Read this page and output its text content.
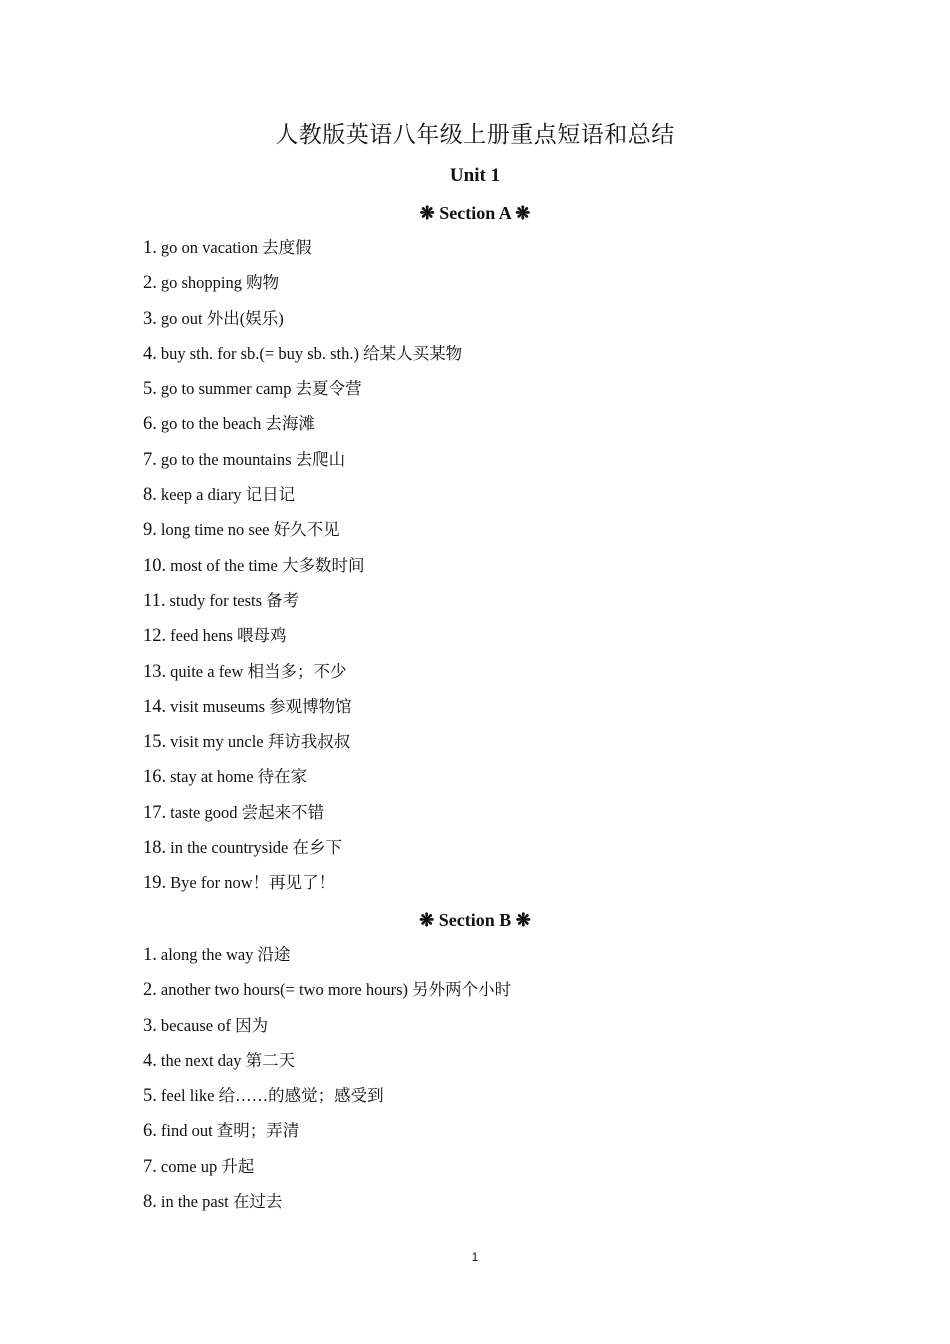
人教版英语八年级上册重点短语和总结
Unit 1
❋ Section A ❋
1. go on vacation 去度假
2. go shopping 购物
3. go out 外出(娱乐)
4. buy sth. for sb.(= buy sb. sth.) 给某人买某物
5. go to summer camp 去夏令营
6. go to the beach 去海滩
7. go to the mountains 去爬山
8. keep a diary 记日记
9. long time no see 好久不见
10. most of the time 大多数时间
11. study for tests 备考
12. feed hens 喂母鸡
13. quite a few 相当多；不少
14. visit museums 参观博物馆
15. visit my uncle 拜访我叔叔
16. stay at home 待在家
17. taste good 尝起来不错
18. in the countryside 在乡下
19. Bye for now！再见了！
❋ Section B ❋
1. along the way 沿途
2. another two hours(= two more hours) 另外两个小时
3. because of 因为
4. the next day 第二天
5. feel like 给……的感觉；感受到
6. find out 查明；弄清
7. come up 升起
8. in the past 在过去
1
